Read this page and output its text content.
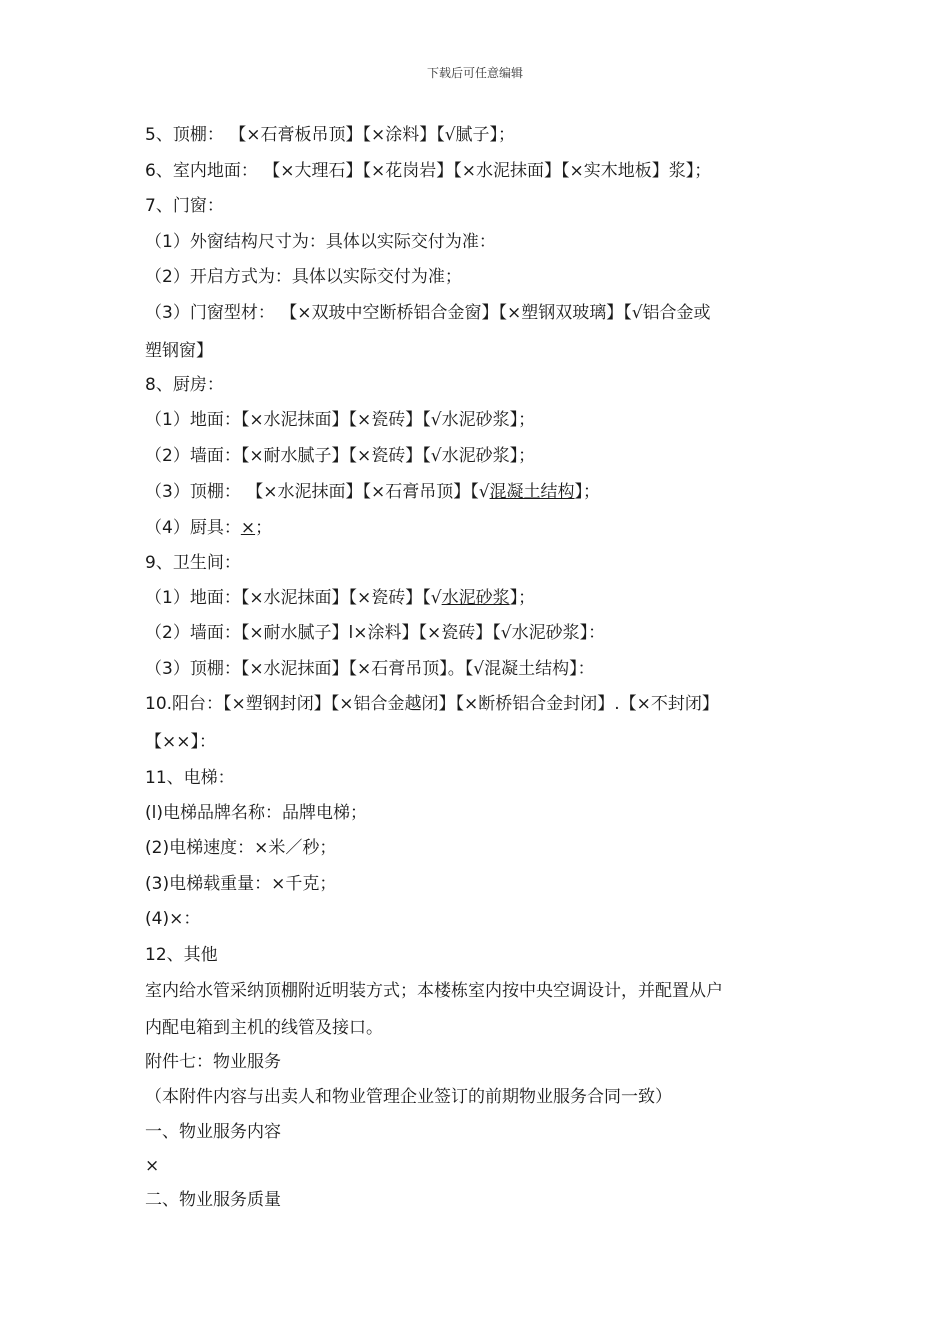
下载后可任意编辑
5、顶棚： 【×石膏板吊顶】【×涂料】【√腻子】；
6、室内地面： 【×大理石】【×花岗岩】【×水泥抹面】【×实木地板】浆】；
7、门窗：
（1）外窗结构尺寸为：具体以实际交付为准：
（2）开启方式为：具体以实际交付为准；
（3）门窗型材： 【×双玻中空断桥铝合金窗】【×塑钢双玻璃】【√铝合金或
塑钢窗】
8、厨房：
（1）地面：【×水泥抹面】【×瓷砖】【√水泥砂浆】；
（2）墙面：【×耐水腻子】【×瓷砖】【√水泥砂浆】；
（3）顶棚： 【×水泥抹面】【×石膏吊顶】【√混凝土结构】；
（4）厨具：×；
9、卫生间：
（1）地面：【×水泥抹面】【×瓷砖】【√水泥砂浆】；
（2）墙面：【×耐水腻子】l×涂料】【×瓷砖】【√水泥砂浆】：
（3）顶棚：【×水泥抹面】【×石膏吊顶】。【√混凝土结构】：
10.阳台：【×塑钢封闭】【×铝合金越闭】【×断桥铝合金封闭】.【×不封闭】
【××】：
11、电梯：
(l)电梯品牌名称：品牌电梯；
(2)电梯速度：×米／秒；
(3)电梯载重量：×千克；
(4)×：
12、其他
室内给水管采纳顶棚附近明装方式；本楼栋室内按中央空调设计，并配置从户
内配电箱到主机的线管及接口。
附件七：物业服务
（本附件内容与出卖人和物业管理企业签订的前期物业服务合同一致）
一、物业服务内容
×
二、物业服务质量
